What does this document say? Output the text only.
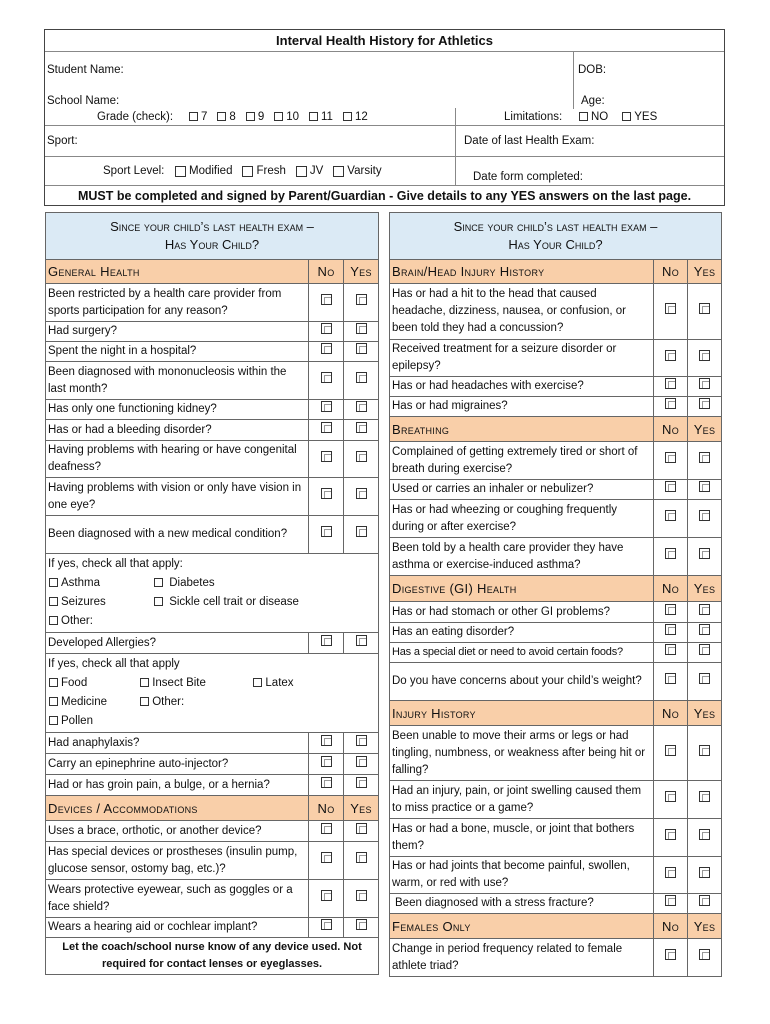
Interval Health History for Athletics
Student Name:	DOB:
School Name:	Age:
Grade (check): 7 8 9 10 11 12	Limitations:	NO YES
Sport:	Date of last Health Exam:
Sport Level: Modified Fresh JV Varsity	Date form completed:
MUST be completed and signed by Parent/Guardian - Give details to any YES answers on the last page.
Since your child’s last health exam –
Has Your Child?		
General Health	No	Yes
Been restricted by a health care provider from sports participation for any reason?		
Had surgery?		
Spent the night in a hospital?		
Been diagnosed with mononucleosis within the last month?		
Has only one functioning kidney?		
Has or had a bleeding disorder?		
Having problems with hearing or have congenital deafness?		
Having problems with vision or only have vision in one eye?		
Been diagnosed with a new medical condition?		

If yes, check all that apply:
Asthma Diabetes
Seizures Sickle cell trait or disease
Other:		

Developed Allergies?		

If yes, check all that apply
Food Insect Bite Latex
Medicine Other:
Pollen		

Had anaphylaxis?		
Carry an epinephrine auto-injector?		
Had or has groin pain, a bulge, or a hernia?		
Devices / Accommodations	No	Yes
Uses a brace, orthotic, or another device?		
Has special devices or prostheses (insulin pump, glucose sensor, ostomy bag, etc.)?		
Wears protective eyewear, such as goggles or a face shield?		
Wears a hearing aid or cochlear implant?		
Let the coach/school nurse know of any device used. Not required for contact lenses or eyeglasses.		
Since your child’s last health exam –
Has Your Child?		
Brain/Head Injury History	No	Yes
Has or had a hit to the head that caused headache, dizziness, nausea, or confusion, or been told they had a concussion?		
Received treatment for a seizure disorder or epilepsy?		
Has or had headaches with exercise?		
Has or had migraines?		
Breathing	No	Yes
Complained of getting extremely tired or short of breath during exercise?		
Used or carries an inhaler or nebulizer?		
Has or had wheezing or coughing frequently during or after exercise?		
Been told by a health care provider they have asthma or exercise-induced asthma?		
Digestive (GI) Health	No	Yes
Has or had stomach or other GI problems?		
Has an eating disorder?		
Has a special diet or need to avoid certain foods?		
Do you have concerns about your child’s weight?		
Injury History	No	Yes
Been unable to move their arms or legs or had tingling, numbness, or weakness after being hit or falling?		
Had an injury, pain, or joint swelling caused them to miss practice or a game?		
Has or had a bone, muscle, or joint that bothers them?		
Has or had joints that become painful, swollen, warm, or red with use?		
Been diagnosed with a stress fracture?		
Females Only	No	Yes
Change in period frequency related to female athlete triad?		
